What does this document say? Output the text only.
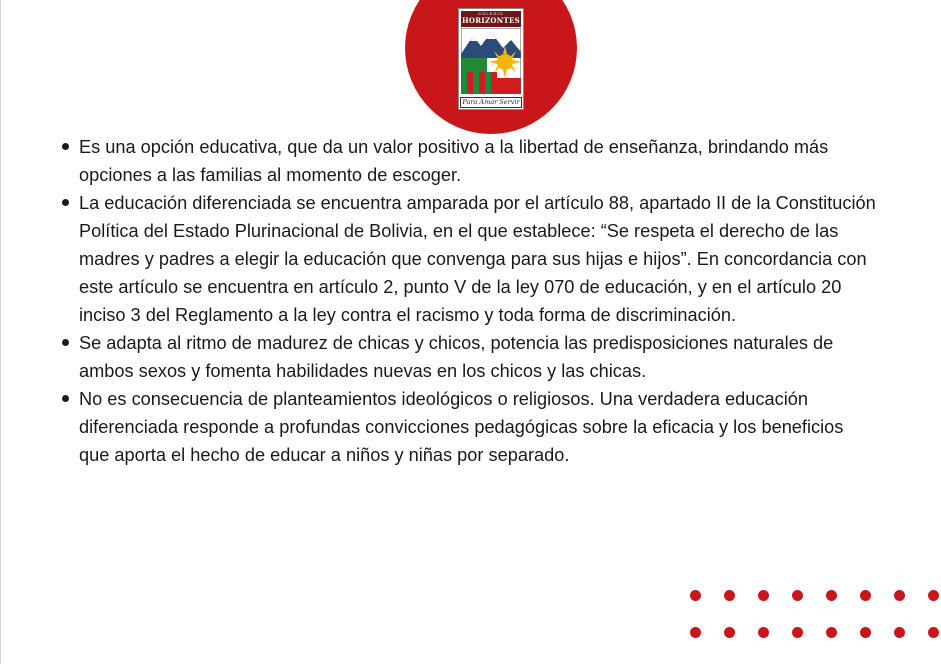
COLEGIO
HORIZONTES
Para Amar Servir
Es una opción educativa, que da un valor positivo a la libertad de enseñanza, brindando más opciones a las familias al momento de escoger.
La educación diferenciada se encuentra amparada por el artículo 88, apartado II de la Constitución Política del Estado Plurinacional de Bolivia, en el que establece: “Se respeta el derecho de las madres y padres a elegir la educación que convenga para sus hijas e hijos”. En concordancia con este artículo se encuentra en artículo 2, punto V de la ley 070 de educación, y en el artículo 20 inciso 3 del Reglamento a la ley contra el racismo y toda forma de discriminación.
Se adapta al ritmo de madurez de chicas y chicos, potencia las predisposiciones naturales de ambos sexos y fomenta habilidades nuevas en los chicos y las chicas.
No es consecuencia de planteamientos ideológicos o religiosos. Una verdadera educación diferenciada responde a profundas convicciones pedagógicas sobre la eficacia y los beneficios que aporta el hecho de educar a niños y niñas por separado.
